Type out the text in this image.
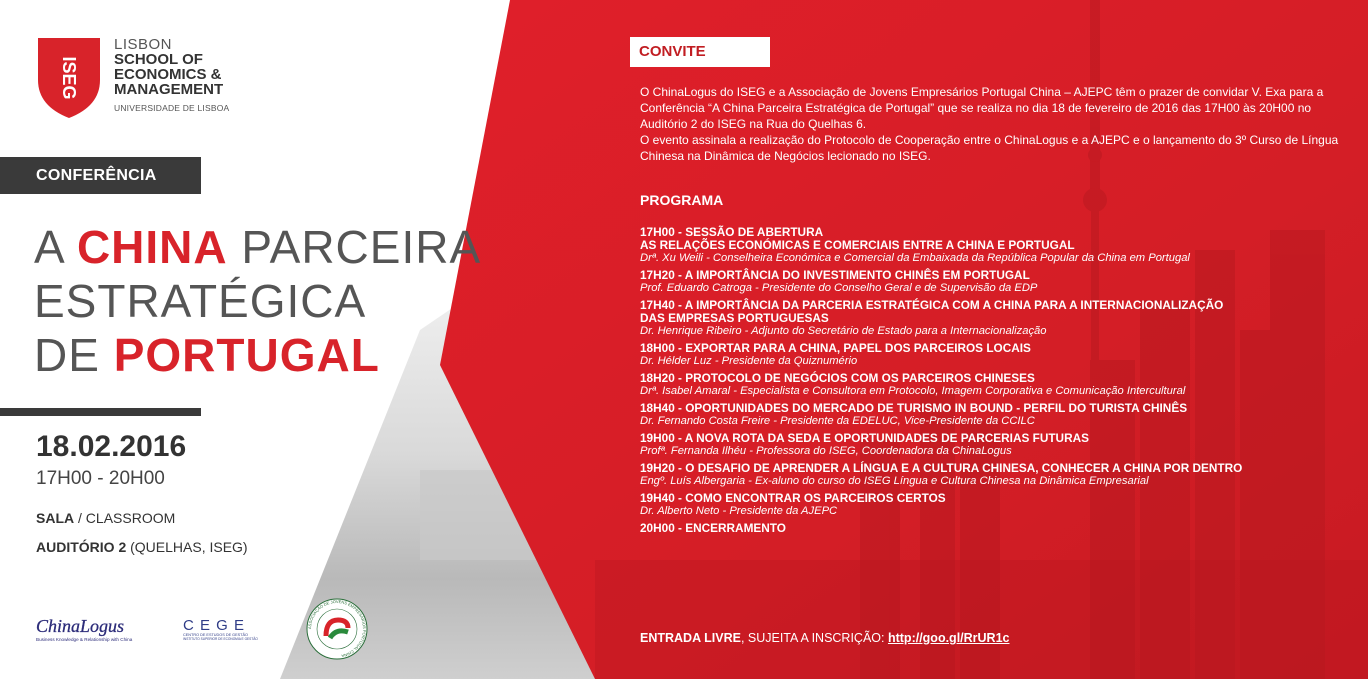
ISEG
LISBON
SCHOOL OF
ECONOMICS &
MANAGEMENT
UNIVERSIDADE DE LISBOA
CONFERÊNCIA
A CHINA PARCEIRA
ESTRATÉGICA
DE PORTUGAL
18.02.2016
17H00 - 20H00
SALA / CLASSROOM
AUDITÓRIO 2 (QUELHAS, ISEG)
ChinaLogus
Business Knowledge & Relationship with China
C E G E
CENTRO DE ESTUDOS DE GESTÃO
INSTITUTO SUPERIOR DE ECONOMIA E GESTÃO
ASSOCIAÇÃO DE JOVENS EMPRESÁRIOS PORTUGAL CHINA
CONVITE

O ChinaLogus do ISEG e a Associação de Jovens Empresários Portugal China – AJEPC têm o prazer de convidar V. Exa para a Conferência “A China Parceira Estratégica de Portugal” que se realiza no dia 18 de fevereiro de 2016 das 17H00 às 20H00 no Auditório 2 do ISEG na Rua do Quelhas 6.

O evento assinala a realização do Protocolo de Cooperação entre o ChinaLogus e a AJEPC e o lançamento do 3º Curso de Língua Chinesa na Dinâmica de Negócios lecionado no ISEG.

PROGRAMA
17H00 - SESSÃO DE ABERTURA
AS RELAÇÕES ECONÓMICAS E COMERCIAIS ENTRE A CHINA E PORTUGAL
Drª. Xu Weili - Conselheira Económica e Comercial da Embaixada da República Popular da China em Portugal
17H20 - A IMPORTÂNCIA DO INVESTIMENTO CHINÊS EM PORTUGAL
Prof. Eduardo Catroga - Presidente do Conselho Geral e de Supervisão da EDP
17H40 - A IMPORTÂNCIA DA PARCERIA ESTRATÉGICA COM A CHINA PARA A INTERNACIONALIZAÇÃO
DAS EMPRESAS PORTUGUESAS
Dr. Henrique Ribeiro - Adjunto do Secretário de Estado para a Internacionalização
18H00 - EXPORTAR PARA A CHINA, PAPEL DOS PARCEIROS LOCAIS
Dr. Hélder Luz - Presidente da Quiznumério
18H20 - PROTOCOLO DE NEGÓCIOS COM OS PARCEIROS CHINESES
Drª. Isabel Amaral - Especialista e Consultora em Protocolo, Imagem Corporativa e Comunicação Intercultural
18H40 - OPORTUNIDADES DO MERCADO DE TURISMO IN BOUND - PERFIL DO TURISTA CHINÊS
Dr. Fernando Costa Freire - Presidente da EDELUC, Vice-Presidente da CCILC
19H00 - A NOVA ROTA DA SEDA E OPORTUNIDADES DE PARCERIAS FUTURAS
Profª. Fernanda Ilhéu - Professora do ISEG, Coordenadora da ChinaLogus
19H20 - O DESAFIO DE APRENDER A LÍNGUA E A CULTURA CHINESA, CONHECER A CHINA POR DENTRO
Engº. Luís Albergaria - Ex-aluno do curso do ISEG Língua e Cultura Chinesa na Dinâmica Empresarial
19H40 - COMO ENCONTRAR OS PARCEIROS CERTOS
Dr. Alberto Neto - Presidente da AJEPC
20H00 - ENCERRAMENTO
ENTRADA LIVRE, SUJEITA A INSCRIÇÃO: http://goo.gl/RrUR1c
